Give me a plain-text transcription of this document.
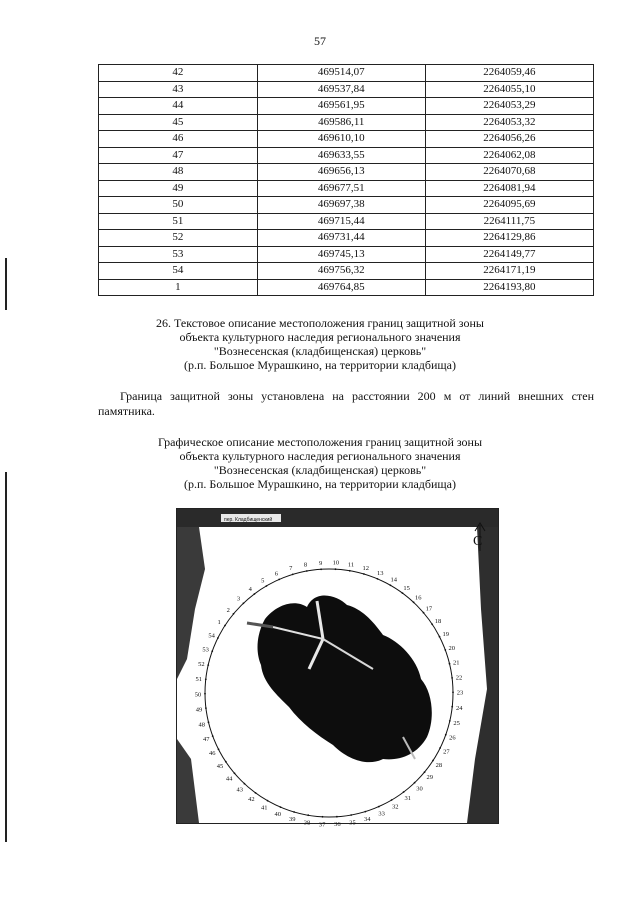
57
42	469514,07	2264059,46
43	469537,84	2264055,10
44	469561,95	2264053,29
45	469586,11	2264053,32
46	469610,10	2264056,26
47	469633,55	2264062,08
48	469656,13	2264070,68
49	469677,51	2264081,94
50	469697,38	2264095,69
51	469715,44	2264111,75
52	469731,44	2264129,86
53	469745,13	2264149,77
54	469756,32	2264171,19
1	469764,85	2264193,80
26. Текстовое описание местоположения границ защитной зоны
объекта культурного наследия регионального значения
"Вознесенская (кладбищенская) церковь"
(р.п. Большое Мурашкино, на территории кладбища)
Граница защитной зоны установлена на расстоянии 200 м от линий внешних стен памятника.
Графическое описание местоположения границ защитной зоны
объекта культурного наследия регионального значения
"Вознесенская (кладбищенская) церковь"
(р.п. Большое Мурашкино, на территории кладбища)
пер. Кладбищенский
1
2
3
4
5
6
7
8 9 10 11 12
13
14
15
16
17
18
19
20
21
22
23
24
25
26
27
28
29
30
31
32
33
34
35
36
37
38
39
40
41
42
43
44
45
46
47
48
49
50
51
52
53
54
С
